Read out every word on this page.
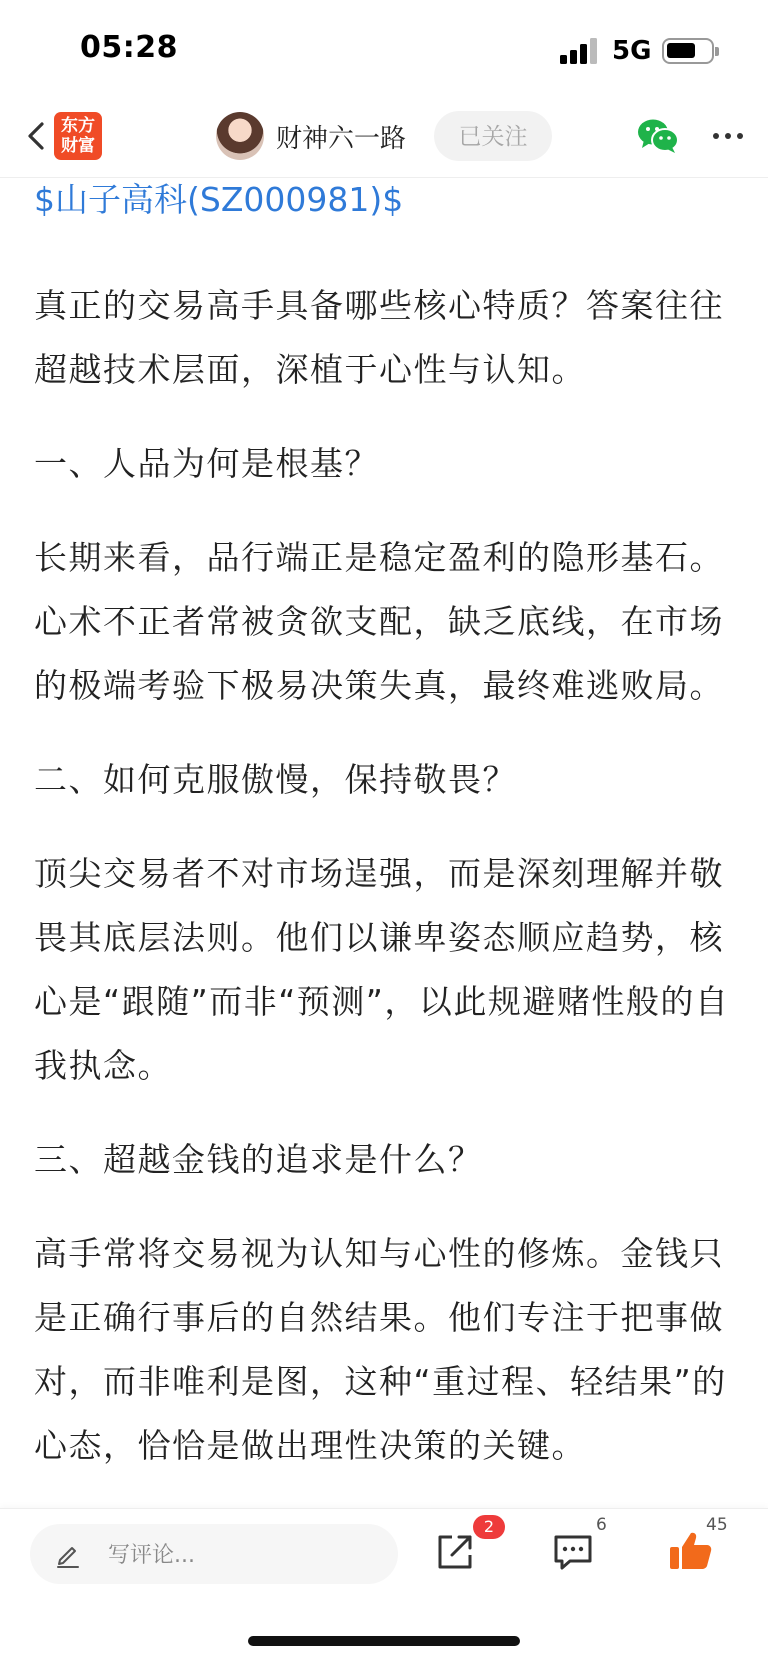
05:28	5G
东方
财富	财神六一路	已关注
$山子高科(SZ000981)$
真正的交易高手具备哪些核心特质？答案往往超越技术层面，深植于心性与认知。
一、人品为何是根基？
长期来看，品行端正是稳定盈利的隐形基石。心术不正者常被贪欲支配，缺乏底线，在市场的极端考验下极易决策失真，最终难逃败局。
二、如何克服傲慢，保持敬畏？
顶尖交易者不对市场逞强，而是深刻理解并敬畏其底层法则。他们以谦卑姿态顺应趋势，核心是“跟随”而非“预测”，以此规避赌性般的自我执念。
三、超越金钱的追求是什么？
高手常将交易视为认知与心性的修炼。金钱只是正确行事后的自然结果。他们专注于把事做对，而非唯利是图，这种“重过程、轻结果”的心态，恰恰是做出理性决策的关键。
写评论...
2	6	45
